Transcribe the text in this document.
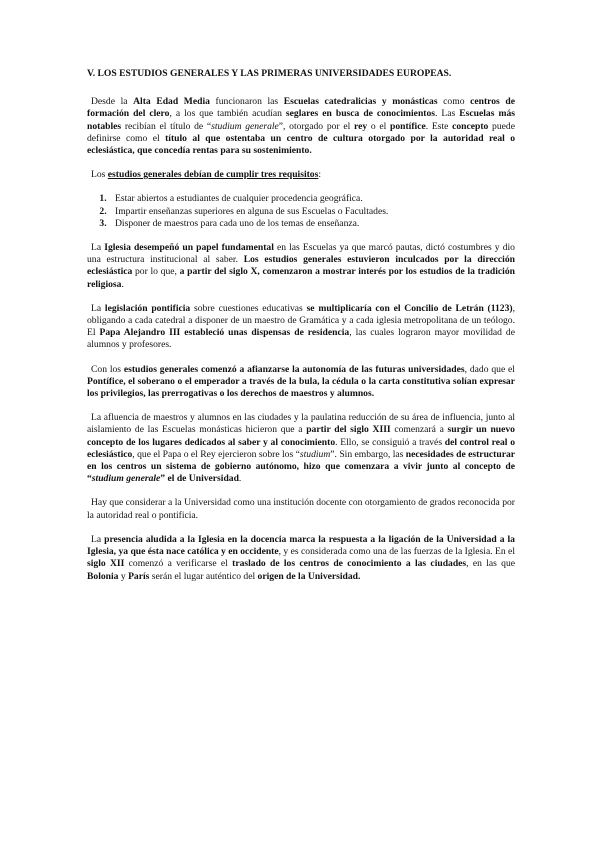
V. LOS ESTUDIOS GENERALES Y LAS PRIMERAS UNIVERSIDADES EUROPEAS.

Desde la Alta Edad Media funcionaron las Escuelas catedralicias y monásticas como centros de formación del clero, a los que también acudían seglares en busca de conocimientos. Las Escuelas más notables recibían el título de “studium generale”, otorgado por el rey o el pontífice. Este concepto puede definirse como el título al que ostentaba un centro de cultura otorgado por la autoridad real o eclesiástica, que concedía rentas para su sostenimiento.

Los estudios generales debían de cumplir tres requisitos:

1. Estar abiertos a estudiantes de cualquier procedencia geográfica.
2. Impartir enseñanzas superiores en alguna de sus Escuelas o Facultades.
3. Disponer de maestros para cada uno de los temas de enseñanza.

La Iglesia desempeñó un papel fundamental en las Escuelas ya que marcó pautas, dictó costumbres y dio una estructura institucional al saber. Los estudios generales estuvieron inculcados por la dirección eclesiástica por lo que, a partir del siglo X, comenzaron a mostrar interés por los estudios de la tradición religiosa.

La legislación pontificia sobre cuestiones educativas se multiplicaría con el Concilio de Letrán (1123), obligando a cada catedral a disponer de un maestro de Gramática y a cada iglesia metropolitana de un teólogo. El Papa Alejandro III estableció unas dispensas de residencia, las cuales lograron mayor movilidad de alumnos y profesores.

Con los estudios generales comenzó a afianzarse la autonomía de las futuras universidades, dado que el Pontífice, el soberano o el emperador a través de la bula, la cédula o la carta constitutiva solían expresar los privilegios, las prerrogativas o los derechos de maestros y alumnos.

La afluencia de maestros y alumnos en las ciudades y la paulatina reducción de su área de influencia, junto al aislamiento de las Escuelas monásticas hicieron que a partir del siglo XIII comenzará a surgir un nuevo concepto de los lugares dedicados al saber y al conocimiento. Ello, se consiguió a través del control real o eclesiástico, que el Papa o el Rey ejercieron sobre los “studium”. Sin embargo, las necesidades de estructurar en los centros un sistema de gobierno autónomo, hizo que comenzara a vivir junto al concepto de “studium generale” el de Universidad.

Hay que considerar a la Universidad como una institución docente con otorgamiento de grados reconocida por la autoridad real o pontificia.

La presencia aludida a la Iglesia en la docencia marca la respuesta a la ligación de la Universidad a la Iglesia, ya que ésta nace católica y en occidente, y es considerada como una de las fuerzas de la Iglesia. En el siglo XII comenzó a verificarse el traslado de los centros de conocimiento a las ciudades, en las que Bolonia y París serán el lugar auténtico del origen de la Universidad.
